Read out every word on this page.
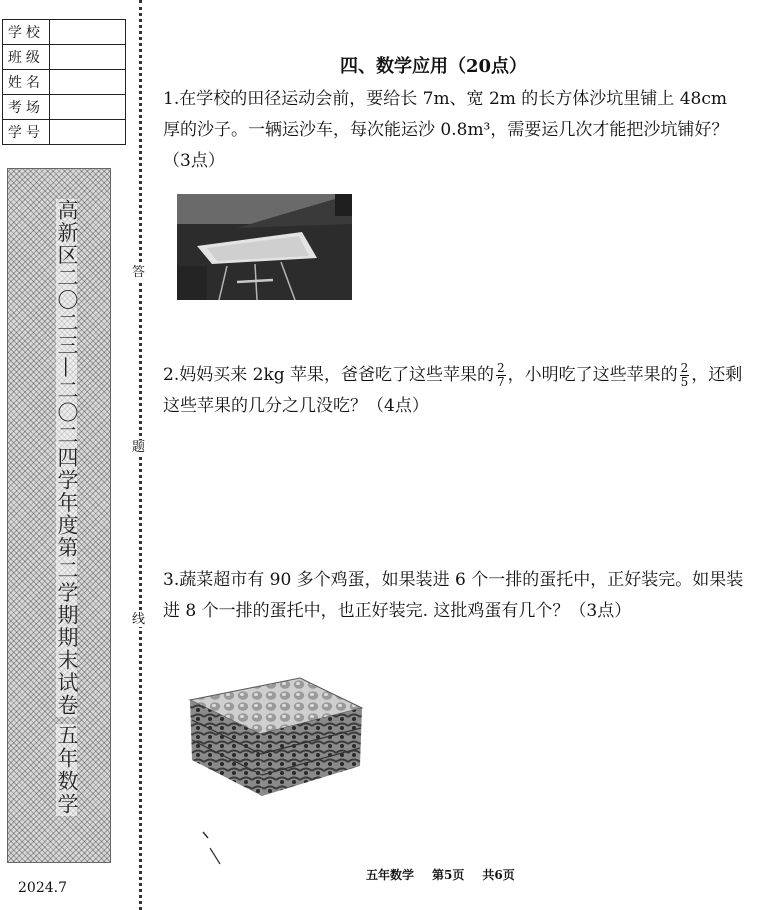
学校	
班级	
姓名	
考场	
学号	
高新区二〇二三—二〇二四学年度第二学期期末试卷
五年数学
2024.7
答
题
线
四、数学应用（20点）

1.在学校的田径运动会前，要给长 7m、宽 2m 的长方体沙坑里铺上 48cm 厚的沙子。一辆运沙车，每次能运沙 0.8m³，需要运几次才能把沙坑铺好？（3点）

2.妈妈买来 2kg 苹果，爸爸吃了这些苹果的 $\frac{2}{7}$ ，小明吃了这些苹果的 $\frac{2}{5}$ ，还剩这些苹果的几分之几没吃？（4点）

3.蔬菜超市有 90 多个鸡蛋，如果装进 6 个一排的蛋托中，正好装完。如果装进 8 个一排的蛋托中，也正好装完. 这批鸡蛋有几个？（3点）

五年数学 第5页 共6页
